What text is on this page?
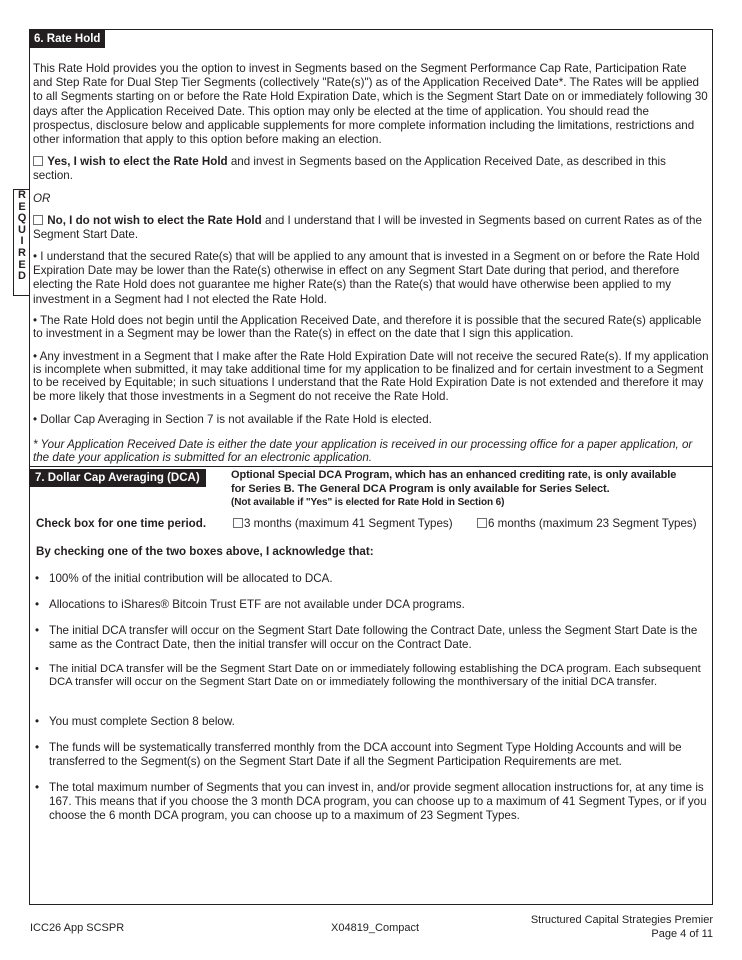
6. Rate Hold

This Rate Hold provides you the option to invest in Segments based on the Segment Performance Cap Rate, Participation Rate and Step Rate for Dual Step Tier Segments (collectively "Rate(s)") as of the Application Received Date*. The Rates will be applied to all Segments starting on or before the Rate Hold Expiration Date, which is the Segment Start Date on or immediately following 30 days after the Application Received Date. This option may only be elected at the time of application. You should read the prospectus, disclosure below and applicable supplements for more complete information including the limitations, restrictions and other information that apply to this option before making an election.

Yes, I wish to elect the Rate Hold and invest in Segments based on the Application Received Date, as described in this section.

R
E
Q
U
I
R
E
D

OR

No, I do not wish to elect the Rate Hold and I understand that I will be invested in Segments based on current Rates as of the Segment Start Date.

• I understand that the secured Rate(s) that will be applied to any amount that is invested in a Segment on or before the Rate Hold Expiration Date may be lower than the Rate(s) otherwise in effect on any Segment Start Date during that period, and therefore electing the Rate Hold does not guarantee me higher Rate(s) than the Rate(s) that would have otherwise been applied to my investment in a Segment had I not elected the Rate Hold.

• The Rate Hold does not begin until the Application Received Date, and therefore it is possible that the secured Rate(s) applicable to investment in a Segment may be lower than the Rate(s) in effect on the date that I sign this application.

• Any investment in a Segment that I make after the Rate Hold Expiration Date will not receive the secured Rate(s). If my application is incomplete when submitted, it may take additional time for my application to be finalized and for certain investment to a Segment to be received by Equitable; in such situations I understand that the Rate Hold Expiration Date is not extended and therefore it may be more likely that those investments in a Segment do not receive the Rate Hold.

• Dollar Cap Averaging in Section 7 is not available if the Rate Hold is elected.

* Your Application Received Date is either the date your application is received in our processing office for a paper application, or the date your application is submitted for an electronic application.

7. Dollar Cap Averaging (DCA)	Optional Special DCA Program, which has an enhanced crediting rate, is only available
for Series B. The General DCA Program is only available for Series Select.
(Not available if "Yes" is elected for Rate Hold in Section 6)
Check box for one time period.	3 months (maximum 41 Segment Types)	6 months (maximum 23 Segment Types)
By checking one of the two boxes above, I acknowledge that:
• 100% of the initial contribution will be allocated to DCA.
• Allocations to iShares® Bitcoin Trust ETF are not available under DCA programs.
• The initial DCA transfer will occur on the Segment Start Date following the Contract Date, unless the Segment Start Date is the same as the Contract Date, then the initial transfer will occur on the Contract Date.
• The initial DCA transfer will be the Segment Start Date on or immediately following establishing the DCA program. Each subsequent DCA transfer will occur on the Segment Start Date on or immediately following the monthiversary of the initial DCA transfer.
• You must complete Section 8 below.
• The funds will be systematically transferred monthly from the DCA account into Segment Type Holding Accounts and will be transferred to the Segment(s) on the Segment Start Date if all the Segment Participation Requirements are met.
• The total maximum number of Segments that you can invest in, and/or provide segment allocation instructions for, at any time is 167. This means that if you choose the 3 month DCA program, you can choose up to a maximum of 41 Segment Types, or if you choose the 6 month DCA program, you can choose up to a maximum of 23 Segment Types.
ICC26 App SCSPR	X04819_Compact
Structured Capital Strategies Premier
Page 4 of 11
